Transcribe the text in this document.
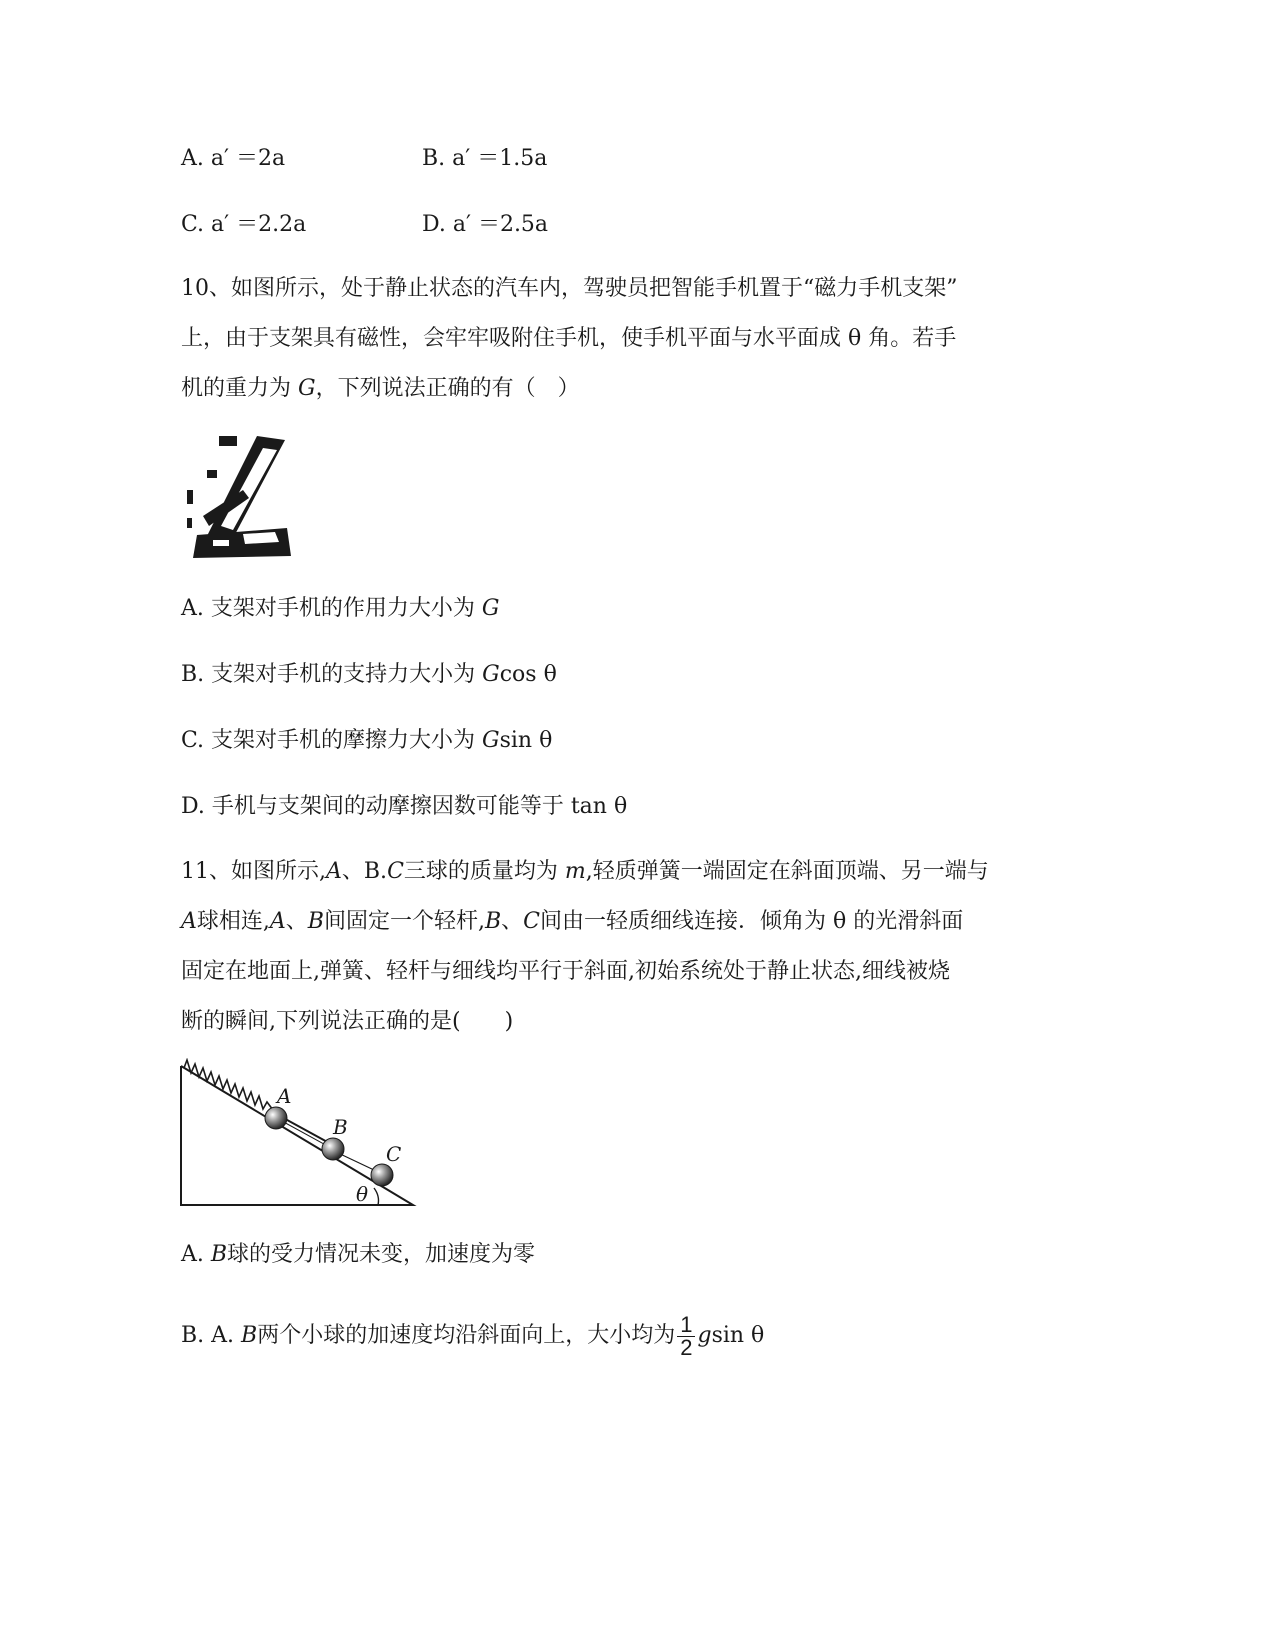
A. a′ ＝2a	B. a′ ＝1.5a
C. a′ ＝2.2a	D. a′ ＝2.5a
10、如图所示，处于静止状态的汽车内，驾驶员把智能手机置于“磁力手机支架”
上，由于支架具有磁性，会牢牢吸附住手机，使手机平面与水平面成 θ 角。若手
机的重力为 G，下列说法正确的有（　）
A. 支架对手机的作用力大小为 G
B. 支架对手机的支持力大小为 Gcos θ
C. 支架对手机的摩擦力大小为 Gsin θ
D. 手机与支架间的动摩擦因数可能等于 tan θ
11、如图所示,A、B.C三球的质量均为 m,轻质弹簧一端固定在斜面顶端、另一端与
A球相连,A、B间固定一个轻杆,B、C间由一轻质细线连接．倾角为 θ 的光滑斜面
固定在地面上,弹簧、轻杆与细线均平行于斜面,初始系统处于静止状态,细线被烧
断的瞬间,下列说法正确的是(　　)
A
B
C
θ
A. B球的受力情况未变，加速度为零
B. A. B两个小球的加速度均沿斜面向上，大小均为 $\frac{1}{2}$ gsin θ
